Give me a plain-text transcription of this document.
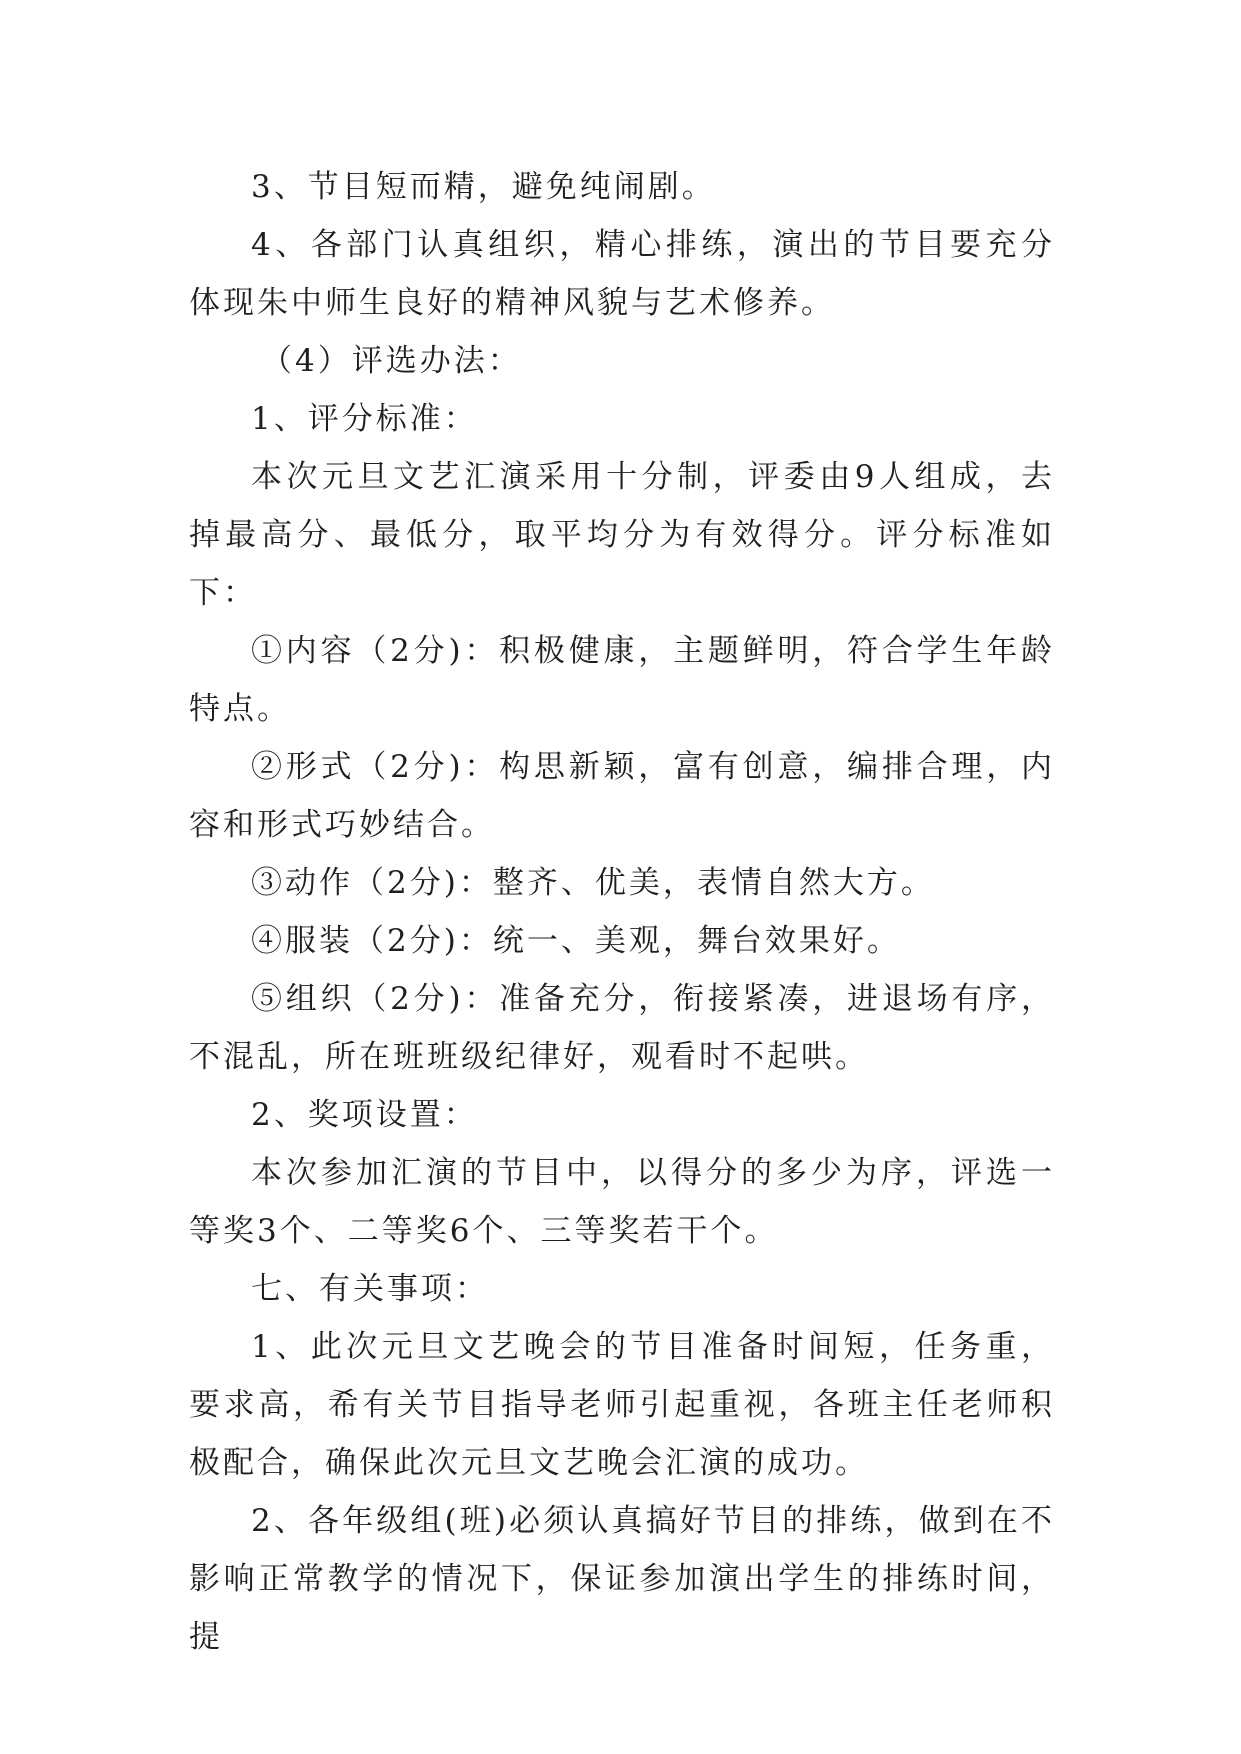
3、节目短而精，避免纯闹剧。

4、各部门认真组织，精心排练，演出的节目要充分体现朱中师生良好的精神风貌与艺术修养。

（4）评选办法：

1、评分标准：

本次元旦文艺汇演采用十分制，评委由9人组成，去掉最高分、最低分，取平均分为有效得分。评分标准如下：

①内容（2分)：积极健康，主题鲜明，符合学生年龄特点。

②形式（2分)：构思新颖，富有创意，编排合理，内容和形式巧妙结合。

③动作（2分)：整齐、优美，表情自然大方。

④服装（2分)：统一、美观，舞台效果好。

⑤组织（2分)：准备充分，衔接紧凑，进退场有序，不混乱，所在班班级纪律好，观看时不起哄。

2、奖项设置：

本次参加汇演的节目中，以得分的多少为序，评选一等奖3个、二等奖6个、三等奖若干个。

七、有关事项：

1、此次元旦文艺晚会的节目准备时间短，任务重，要求高，希有关节目指导老师引起重视，各班主任老师积极配合，确保此次元旦文艺晚会汇演的成功。

2、各年级组(班)必须认真搞好节目的排练，做到在不影响正常教学的情况下，保证参加演出学生的排练时间，提
